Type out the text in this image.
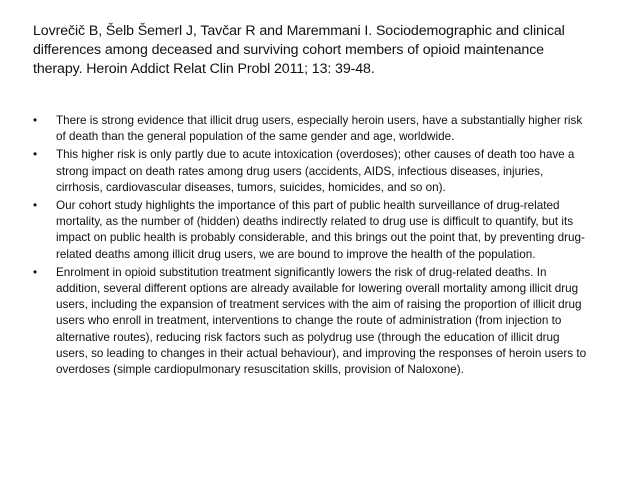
Lovrečič B, Šelb Šemerl J, Tavčar R and Maremmani I. Sociodemographic and clinical differences among deceased and surviving cohort members of opioid maintenance therapy. Heroin Addict Relat Clin Probl 2011; 13: 39-48.

• There is strong evidence that illicit drug users, especially heroin users, have a substantially higher risk of death than the general population of the same gender and age, worldwide.
• This higher risk is only partly due to acute intoxication (overdoses); other causes of death too have a strong impact on death rates among drug users (accidents, AIDS, infectious diseases, injuries, cirrhosis, cardiovascular diseases, tumors, suicides, homicides, and so on).
• Our cohort study highlights the importance of this part of public health surveillance of drug-related mortality, as the number of (hidden) deaths indirectly related to drug use is difficult to quantify, but its impact on public health is probably considerable, and this brings out the point that, by preventing drug-related deaths among illicit drug users, we are bound to improve the health of the population.
• Enrolment in opioid substitution treatment significantly lowers the risk of drug-related deaths. In addition, several different options are already available for lowering overall mortality among illicit drug users, including the expansion of treatment services with the aim of raising the proportion of illicit drug users who enroll in treatment, interventions to change the route of administration (from injection to alternative routes), reducing risk factors such as polydrug use (through the education of illicit drug users, so leading to changes in their actual behaviour), and improving the responses of heroin users to overdoses (simple cardiopulmonary resuscitation skills, provision of Naloxone).
